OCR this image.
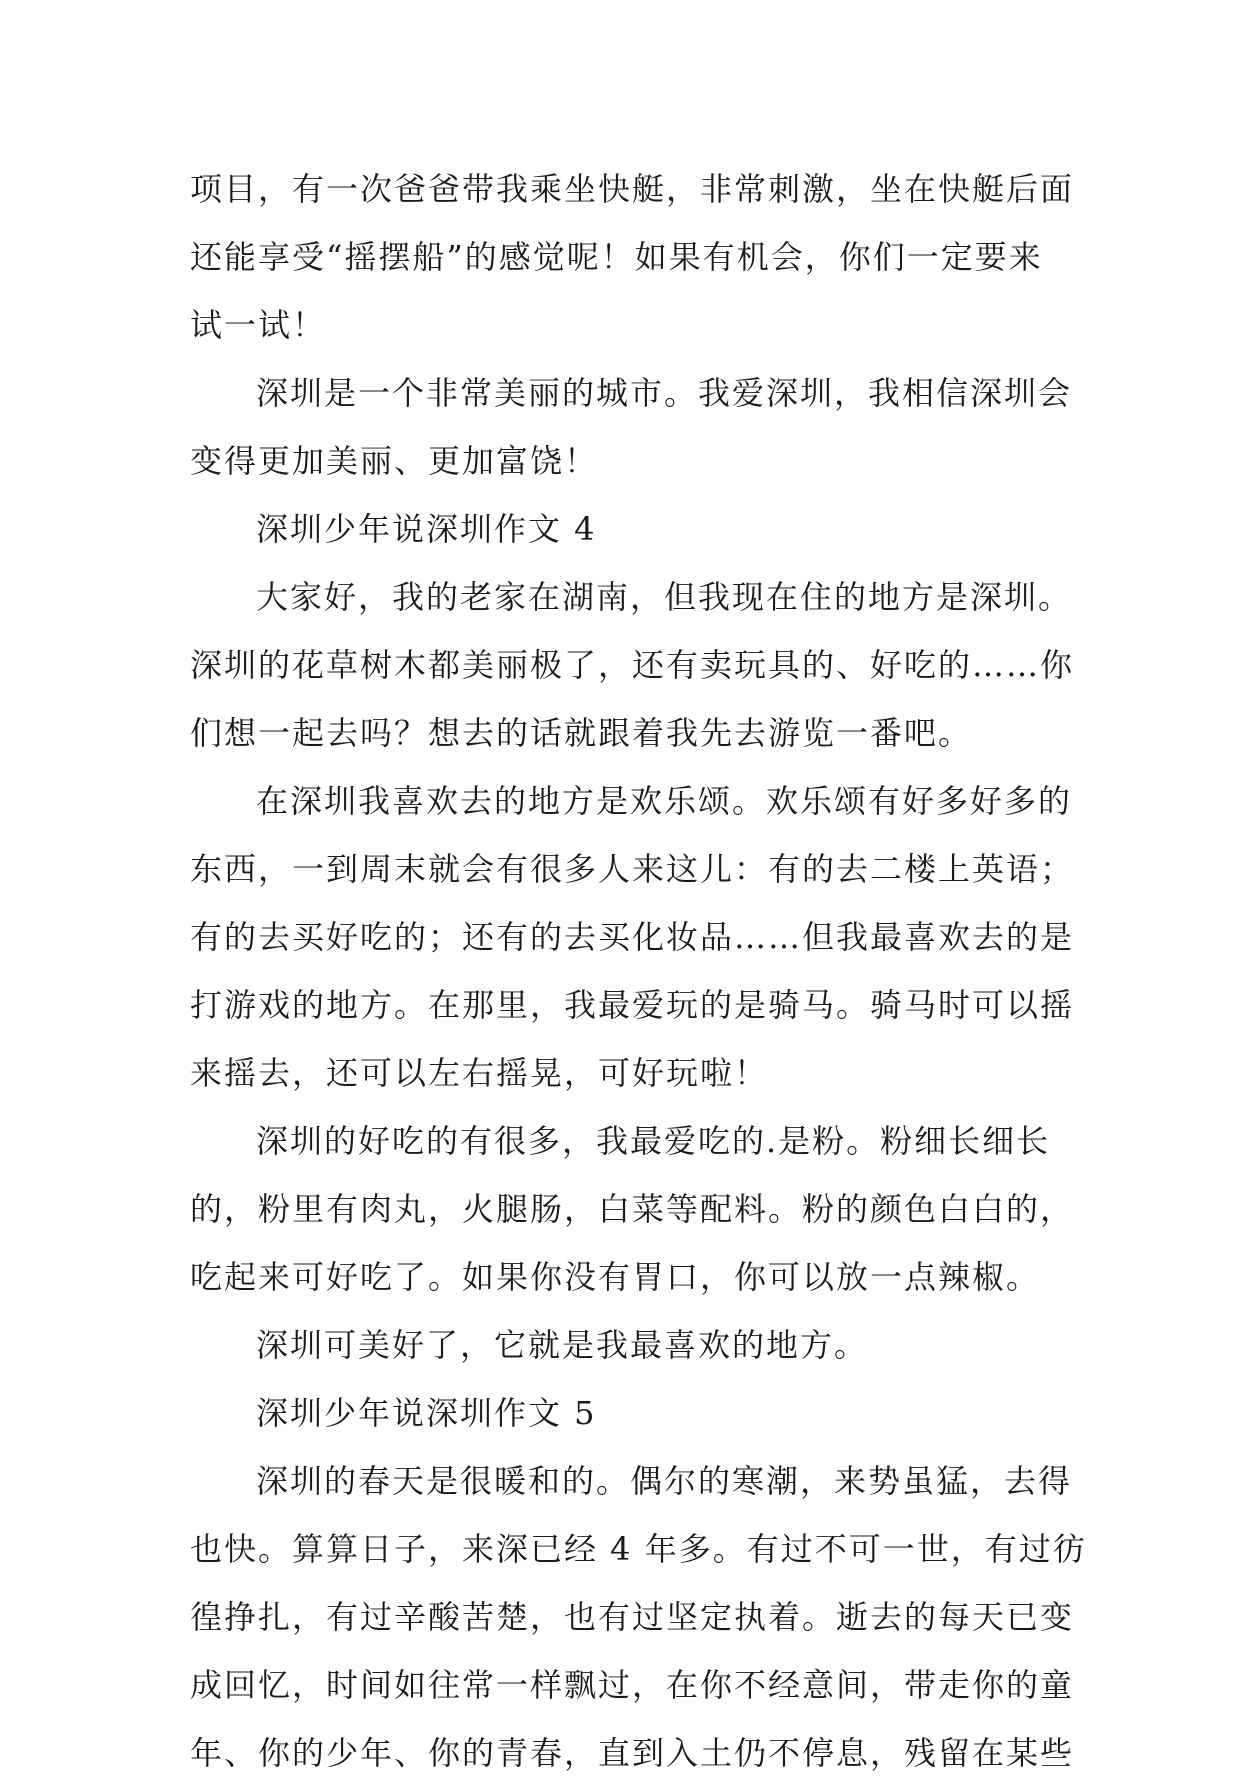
项目，有一次爸爸带我乘坐快艇，非常刺激，坐在快艇后面
还能享受“摇摆船”的感觉呢！如果有机会，你们一定要来
试一试！
深圳是一个非常美丽的城市。我爱深圳，我相信深圳会
变得更加美丽、更加富饶！
深圳少年说深圳作文 4
大家好，我的老家在湖南，但我现在住的地方是深圳。
深圳的花草树木都美丽极了，还有卖玩具的、好吃的……你
们想一起去吗？想去的话就跟着我先去游览一番吧。
在深圳我喜欢去的地方是欢乐颂。欢乐颂有好多好多的
东西，一到周末就会有很多人来这儿：有的去二楼上英语；
有的去买好吃的；还有的去买化妆品……但我最喜欢去的是
打游戏的地方。在那里，我最爱玩的是骑马。骑马时可以摇
来摇去，还可以左右摇晃，可好玩啦！
深圳的好吃的有很多，我最爱吃的.是粉。粉细长细长
的，粉里有肉丸，火腿肠，白菜等配料。粉的颜色白白的，
吃起来可好吃了。如果你没有胃口，你可以放一点辣椒。
深圳可美好了，它就是我最喜欢的地方。
深圳少年说深圳作文 5
深圳的春天是很暖和的。偶尔的寒潮，来势虽猛，去得
也快。算算日子，来深已经 4 年多。有过不可一世，有过彷
徨挣扎，有过辛酸苦楚，也有过坚定执着。逝去的每天已变
成回忆，时间如往常一样飘过，在你不经意间，带走你的童
年、你的少年、你的青春，直到入土仍不停息，残留在某些
